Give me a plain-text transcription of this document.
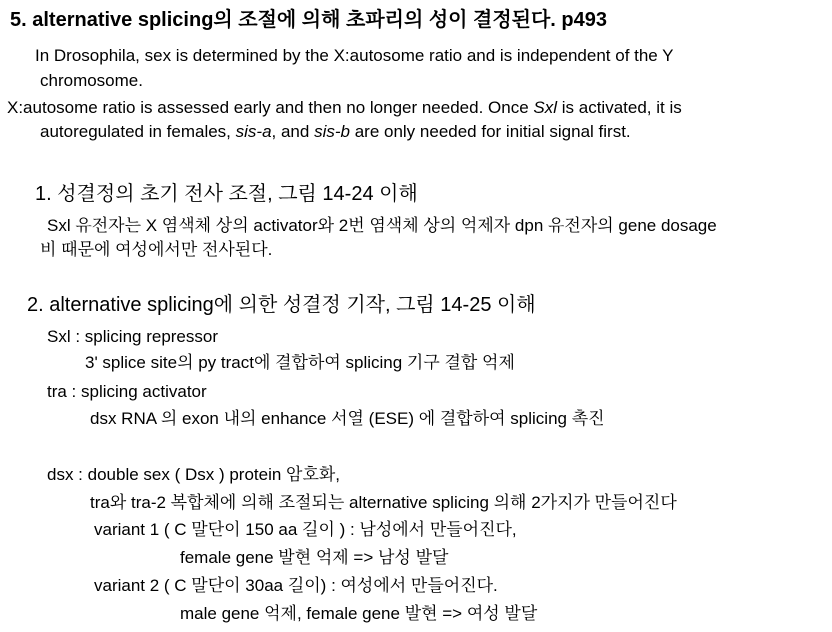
5. alternative splicing의 조절에 의해 초파리의 성이 결정된다. p493
In Drosophila, sex is determined by the X:autosome ratio and is independent of the Y
chromosome.
X:autosome ratio is assessed early and then no longer needed. Once Sxl is activated, it is
autoregulated in females, sis-a, and sis-b are only needed for initial signal first.
1. 성결정의 초기 전사 조절, 그림 14-24 이해
Sxl 유전자는 X 염색체 상의 activator와 2번 염색체 상의 억제자 dpn 유전자의 gene dosage
비 때문에 여성에서만 전사된다.
2. alternative splicing에 의한 성결정 기작, 그림 14-25 이해
Sxl : splicing repressor
3' splice site의 py tract에 결합하여 splicing 기구 결합 억제
tra : splicing activator
dsx RNA 의 exon 내의 enhance 서열 (ESE) 에 결합하여 splicing 촉진
dsx : double sex ( Dsx ) protein 암호화,
tra와 tra-2 복합체에 의해 조절되는 alternative splicing 의해 2가지가 만들어진다
variant 1 ( C 말단이 150 aa 길이 ) : 남성에서 만들어진다,
female gene 발현 억제 => 남성 발달
variant 2 ( C 말단이 30aa 길이) : 여성에서 만들어진다.
male gene 억제, female gene 발현 => 여성 발달
